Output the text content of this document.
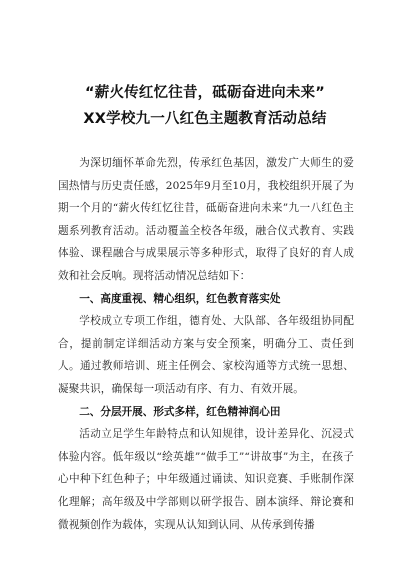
“薪火传红忆往昔，砥砺奋进向未来”
XX学校九一八红色主题教育活动总结

为深切缅怀革命先烈，传承红色基因，激发广大师生的爱国热情与历史责任感，2025年9月至10月，我校组织开展了为期一个月的“薪火传红忆往昔，砥砺奋进向未来”九一八红色主题系列教育活动。活动覆盖全校各年级，融合仪式教育、实践体验、课程融合与成果展示等多种形式，取得了良好的育人成效和社会反响。现将活动情况总结如下：

一、高度重视、精心组织，红色教育落实处

学校成立专项工作组，德育处、大队部、各年级组协同配合，提前制定详细活动方案与安全预案，明确分工、责任到人。通过教师培训、班主任例会、家校沟通等方式统一思想、凝聚共识，确保每一项活动有序、有力、有效开展。

二、分层开展、形式多样，红色精神润心田

活动立足学生年龄特点和认知规律，设计差异化、沉浸式体验内容。低年级以“绘英雄”“做手工”“讲故事”为主，在孩子心中种下红色种子；中年级通过诵读、知识竞赛、手账制作深化理解；高年级及中学部则以研学报告、剧本演绎、辩论赛和微视频创作为载体，实现从认知到认同、从传承到传播
